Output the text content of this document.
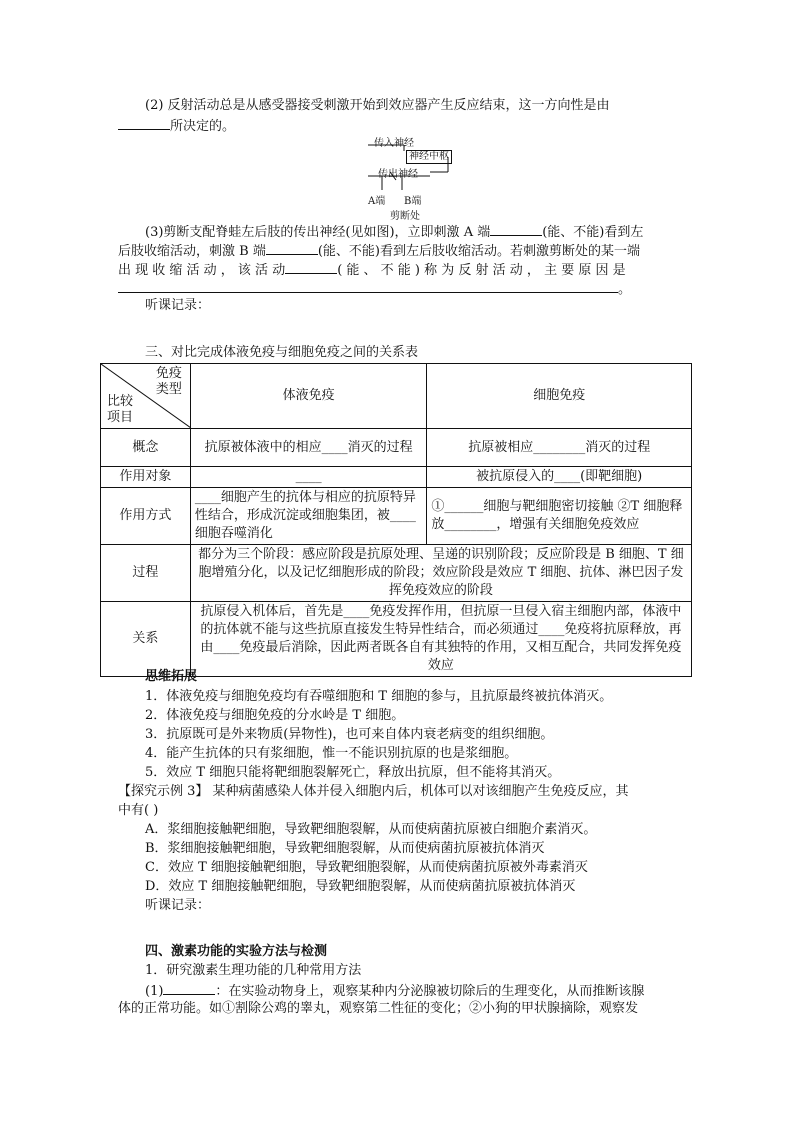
(2) 反射活动总是从感受器接受刺激开始到效应器产生反应结束，这一方向性是由
所决定的。
传入神经
神经中枢
传出神经
A端 B端
剪断处
(3)剪断支配脊蛙左后肢的传出神经(见如图)，立即刺激 A 端	(能、不能)看到左
后肢收缩活动，刺激 B 端	(能、不能)看到左后肢收缩活动。若刺激剪断处的某一端
出 现 收 缩 活 动 ， 该 活 动	( 能 、 不 能 ) 称 为 反 射 活 动 ， 主 要 原 因 是
。
听课记录：
三、对比完成体液免疫与细胞免疫之间的关系表
免疫类型
比较项目	体液免疫	细胞免疫
概念	抗原被体液中的相应____消灭的过程	抗原被相应________消灭的过程
作用对象	____	被抗原侵入的____(即靶细胞)
作用方式	____细胞产生的抗体与相应的抗原特异性结合，形成沉淀或细胞集团，被____细胞吞噬消化	①______细胞与靶细胞密切接触 ②T 细胞释放________，增强有关细胞免疫效应
过程	都分为三个阶段：感应阶段是抗原处理、呈递的识别阶段；反应阶段是 B 细胞、T 细胞增殖分化，以及记忆细胞形成的阶段；效应阶段是效应 T 细胞、抗体、淋巴因子发挥免疫效应的阶段	
关系	抗原侵入机体后，首先是____免疫发挥作用，但抗原一旦侵入宿主细胞内部，体液中的抗体就不能与这些抗原直接发生特异性结合，而必须通过____免疫将抗原释放，再由____免疫最后消除，因此两者既各自有其独特的作用，又相互配合，共同发挥免疫效应	
思维拓展
1．体液免疫与细胞免疫均有吞噬细胞和 T 细胞的参与，且抗原最终被抗体消灭。
2．体液免疫与细胞免疫的分水岭是 T 细胞。
3．抗原既可是外来物质(异物性)，也可来自体内衰老病变的组织细胞。
4．能产生抗体的只有浆细胞，惟一不能识别抗原的也是浆细胞。
5．效应 T 细胞只能将靶细胞裂解死亡，释放出抗原，但不能将其消灭。
【探究示例 3】 某种病菌感染人体并侵入细胞内后，机体可以对该细胞产生免疫反应，其
中有( )
A．浆细胞接触靶细胞，导致靶细胞裂解，从而使病菌抗原被白细胞介素消灭。
B．浆细胞接触靶细胞，导致靶细胞裂解，从而使病菌抗原被抗体消灭
C．效应 T 细胞接触靶细胞，导致靶细胞裂解，从而使病菌抗原被外毒素消灭
D．效应 T 细胞接触靶细胞，导致靶细胞裂解，从而使病菌抗原被抗体消灭
听课记录：
四、激素功能的实验方法与检测
1．研究激素生理功能的几种常用方法
(1)	：在实验动物身上，观察某种内分泌腺被切除后的生理变化，从而推断该腺
体的正常功能。如①割除公鸡的睾丸，观察第二性征的变化；②小狗的甲状腺摘除，观察发
